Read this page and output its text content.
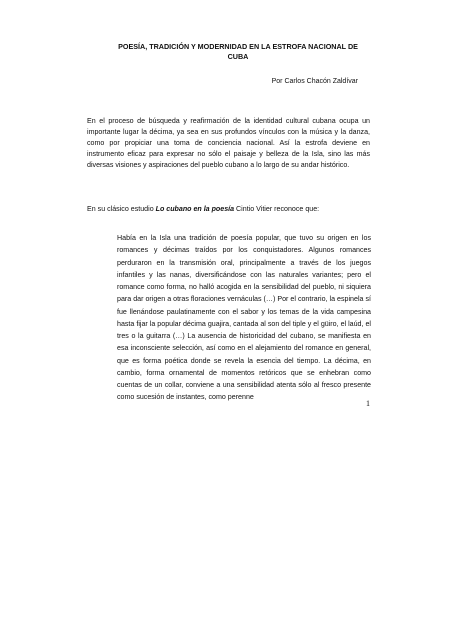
POESÍA, TRADICIÓN Y MODERNIDAD EN LA ESTROFA NACIONAL DE CUBA

Por Carlos Chacón Zaldívar

En el proceso de búsqueda y reafirmación de la identidad cultural cubana ocupa un importante lugar la décima, ya sea en sus profundos vínculos con la música y la danza, como por propiciar una toma de conciencia nacional. Así la estrofa deviene en instrumento eficaz para expresar no sólo el paisaje y belleza de la Isla, sino las más diversas visiones y aspiraciones del pueblo cubano a lo largo de su andar histórico.

En su clásico estudio Lo cubano en la poesía Cintio Vitier reconoce que:

Había en la Isla una tradición de poesía popular, que tuvo su origen en los romances y décimas traídos por los conquistadores. Algunos romances perduraron en la transmisión oral, principalmente a través de los juegos infantiles y las nanas, diversificándose con las naturales variantes; pero el romance como forma, no halló acogida en la sensibilidad del pueblo, ni siquiera para dar origen a otras floraciones vernáculas (…) Por el contrario, la espinela sí fue llenándose paulatinamente con el sabor y los temas de la vida campesina hasta fijar la popular décima guajira, cantada al son del tiple y el güiro, el laúd, el tres o la guitarra (…) La ausencia de historicidad del cubano, se manifiesta en esa inconsciente selección, así como en el alejamiento del romance en general, que es forma poética donde se revela la esencia del tiempo. La décima, en cambio, forma ornamental de momentos retóricos que se enhebran como cuentas de un collar, conviene a una sensibilidad atenta sólo al fresco presente como sucesión de instantes, como perenne

1
